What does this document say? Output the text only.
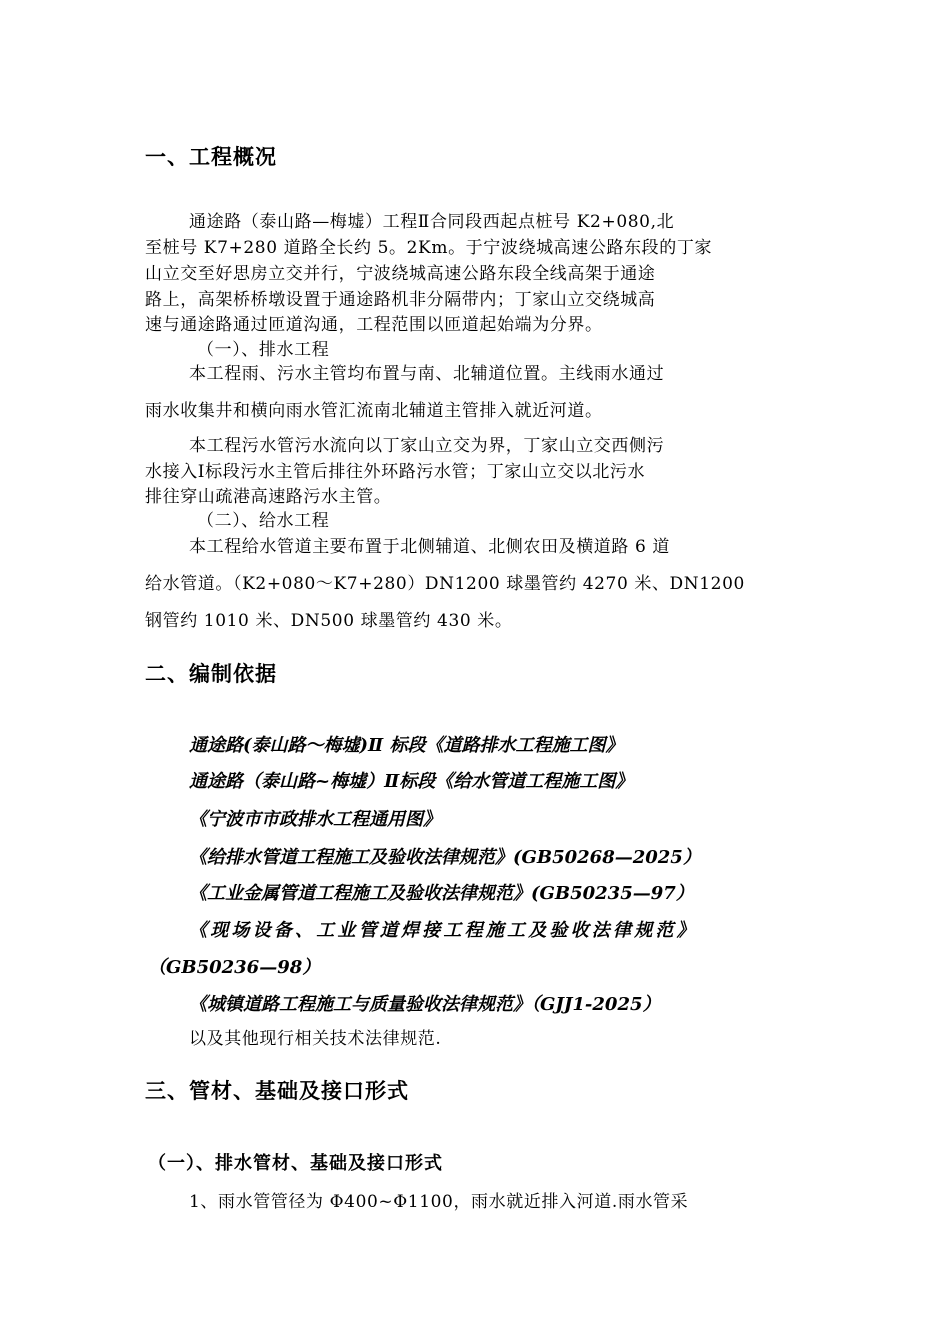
一、工程概况
通途路（泰山路—梅墟）工程Ⅱ合同段西起点桩号 K2+080,北
至桩号 K7+280 道路全长约 5。2Km。于宁波绕城高速公路东段的丁家
山立交至好思房立交并行，宁波绕城高速公路东段全线高架于通途
路上，高架桥桥墩设置于通途路机非分隔带内；丁家山立交绕城高
速与通途路通过匝道沟通，工程范围以匝道起始端为分界。
（一）、排水工程
本工程雨、污水主管均布置与南、北辅道位置。主线雨水通过
雨水收集井和横向雨水管汇流南北辅道主管排入就近河道。
本工程污水管污水流向以丁家山立交为界，丁家山立交西侧污
水接入Ⅰ标段污水主管后排往外环路污水管；丁家山立交以北污水
排往穿山疏港高速路污水主管。
（二）、给水工程
本工程给水管道主要布置于北侧辅道、北侧农田及横道路 6 道
给水管道。（K2+080～K7+280）DN1200 球墨管约 4270 米、DN1200
钢管约 1010 米、DN500 球墨管约 430 米。
二、编制依据
通途路(泰山路～梅墟)Ⅱ 标段《道路排水工程施工图》
通途路（泰山路~梅墟）Ⅱ标段《给水管道工程施工图》
《宁波市市政排水工程通用图》
《给排水管道工程施工及验收法律规范》(GB50268—2025）
《工业金属管道工程施工及验收法律规范》(GB50235—97）
《现场设备、工业管道焊接工程施工及验收法律规范》
（GB50236—98）
《城镇道路工程施工与质量验收法律规范》（GJJ1-2025）
以及其他现行相关技术法律规范.
三、管材、基础及接口形式
（一）、排水管材、基础及接口形式
1、雨水管管径为 Φ400~Φ1100，雨水就近排入河道.雨水管采
